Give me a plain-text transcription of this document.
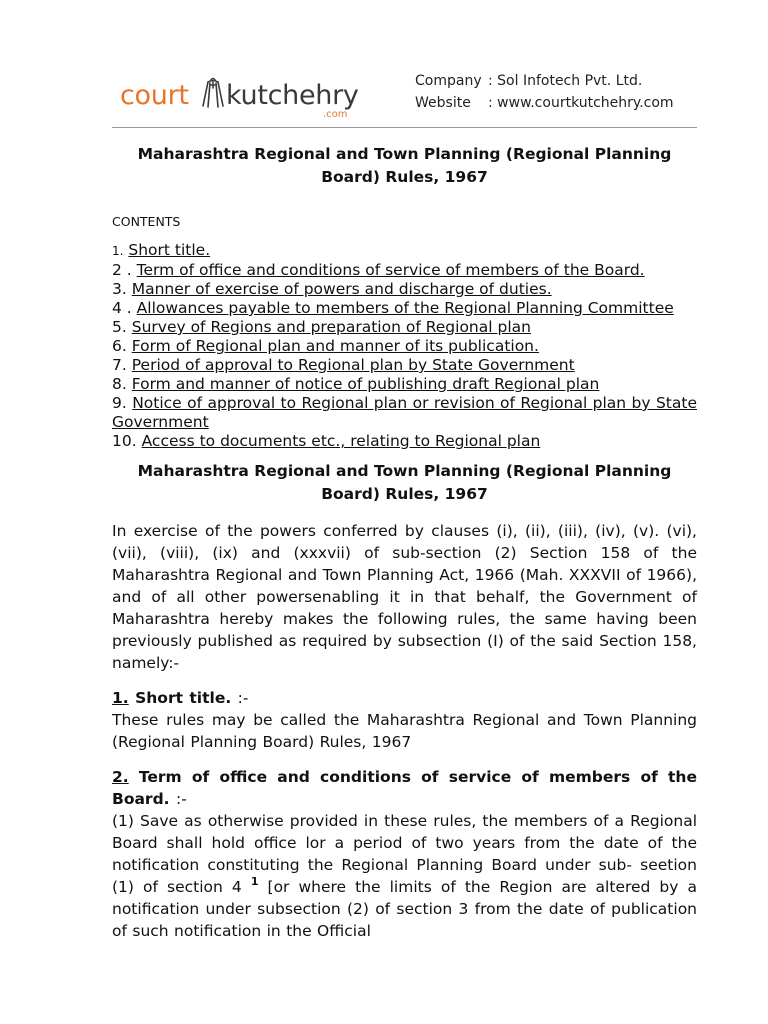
court kutchehry
.com
Company : Sol Infotech Pvt. Ltd.
Website : www.courtkutchehry.com

Maharashtra Regional and Town Planning (Regional Planning Board) Rules, 1967

CONTENTS

1. Short title.
2 . Term of office and conditions of service of members of the Board.
3. Manner of exercise of powers and discharge of duties.
4 . Allowances payable to members of the Regional Planning Committee
5. Survey of Regions and preparation of Regional plan
6. Form of Regional plan and manner of its publication.
7. Period of approval to Regional plan by State Government
8. Form and manner of notice of publishing draft Regional plan
9. Notice of approval to Regional plan or revision of Regional plan by State Government
10. Access to documents etc., relating to Regional plan

Maharashtra Regional and Town Planning (Regional Planning Board) Rules, 1967

In exercise of the powers conferred by clauses (i), (ii), (iii), (iv), (v). (vi), (vii), (viii), (ix) and (xxxvii) of sub-section (2) Section 158 of the Maharashtra Regional and Town Planning Act, 1966 (Mah. XXXVII of 1966), and of all other powersenabling it in that behalf, the Government of Maharashtra hereby makes the following rules, the same having been previously published as required by subsection (I) of the said Section 158, namely:-

1. Short title. :-

These rules may be called the Maharashtra Regional and Town Planning (Regional Planning Board) Rules, 1967

2. Term of office and conditions of service of members of the Board. :-

(1) Save as otherwise provided in these rules, the members of a Regional Board shall hold office lor a period of two years from the date of the notification constituting the Regional Planning Board under sub- seetion (1) of section 4 $^1$ [or where the limits of the Region are altered by a notification under subsection (2) of section 3 from the date of publication of such notification in the Official
